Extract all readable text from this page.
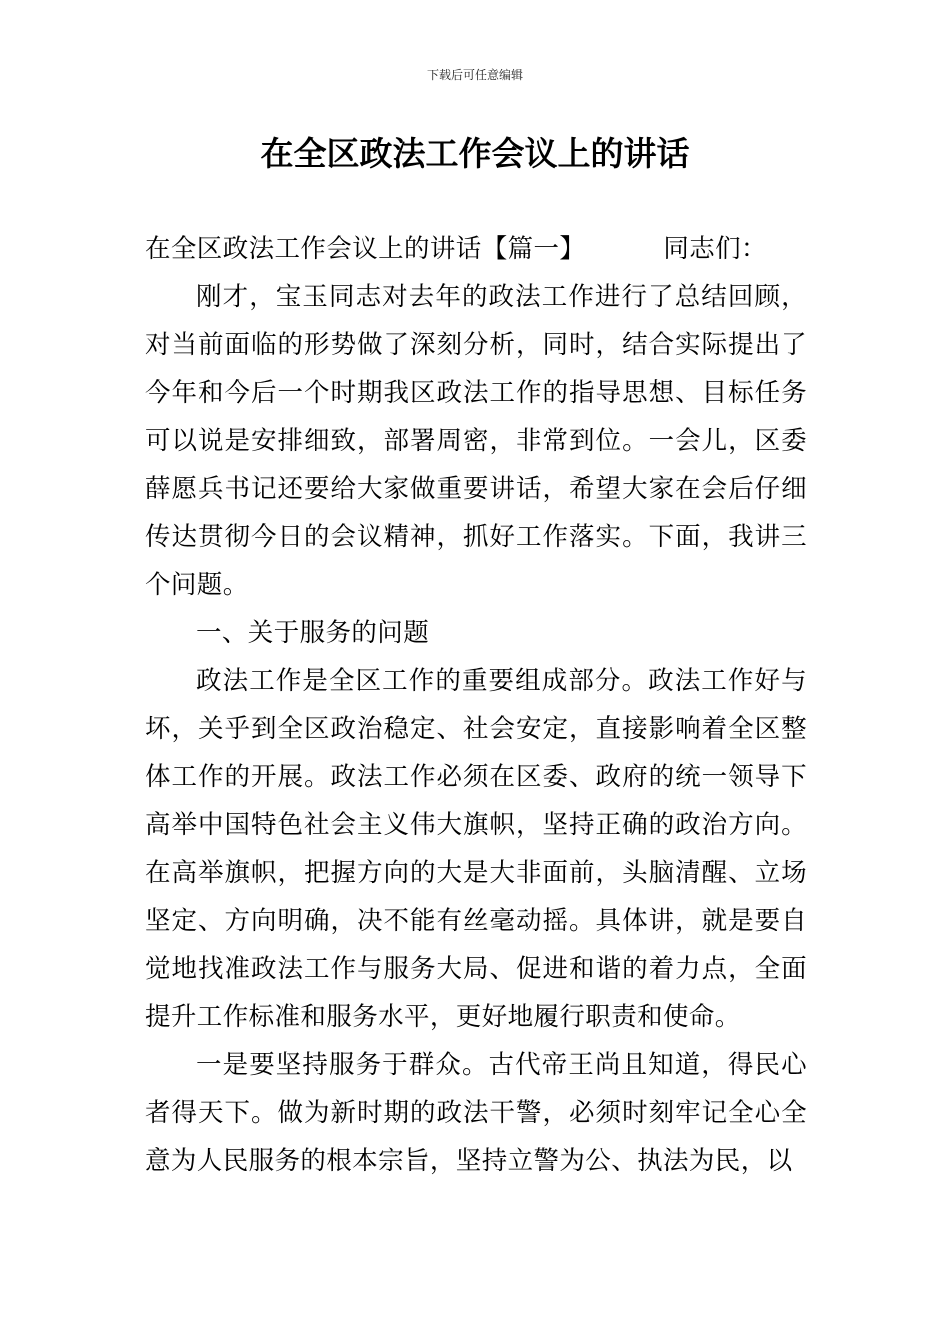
下载后可任意编辑
在全区政法工作会议上的讲话

在全区政法工作会议上的讲话【篇一】	同志们：

刚才，宝玉同志对去年的政法工作进行了总结回顾，对当前面临的形势做了深刻分析，同时，结合实际提出了今年和今后一个时期我区政法工作的指导思想、目标任务可以说是安排细致，部署周密，非常到位。一会儿，区委薛愿兵书记还要给大家做重要讲话，希望大家在会后仔细传达贯彻今日的会议精神，抓好工作落实。下面，我讲三个问题。

一、关于服务的问题

政法工作是全区工作的重要组成部分。政法工作好与坏，关乎到全区政治稳定、社会安定，直接影响着全区整体工作的开展。政法工作必须在区委、政府的统一领导下高举中国特色社会主义伟大旗帜，坚持正确的政治方向。在高举旗帜，把握方向的大是大非面前，头脑清醒、立场坚定、方向明确，决不能有丝毫动摇。具体讲，就是要自觉地找准政法工作与服务大局、促进和谐的着力点，全面提升工作标准和服务水平，更好地履行职责和使命。

一是要坚持服务于群众。古代帝王尚且知道，得民心者得天下。做为新时期的政法干警，必须时刻牢记全心全意为人民服务的根本宗旨，坚持立警为公、执法为民，以
